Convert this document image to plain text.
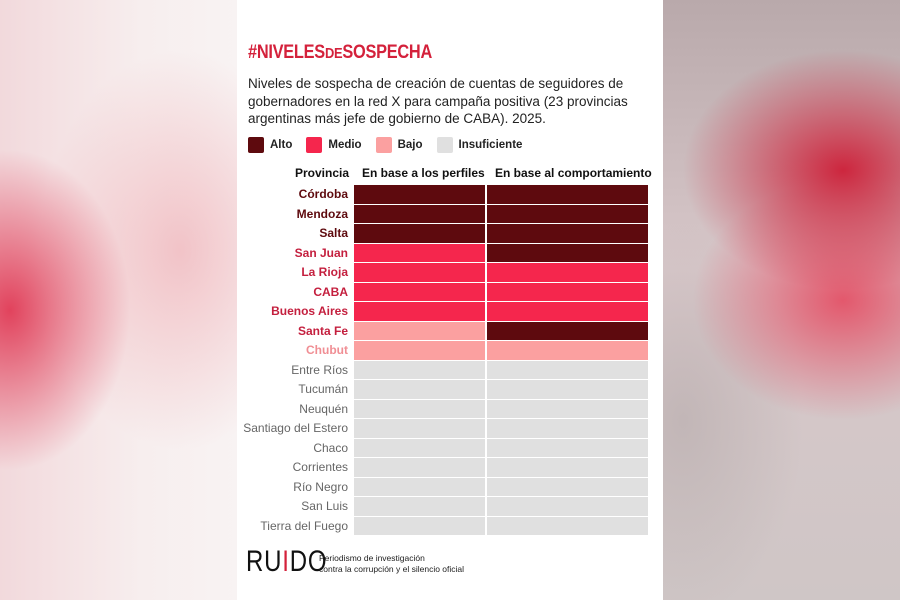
#NIVELESDESOSPECHA
Niveles de sospecha de creación de cuentas de seguidores de gobernadores en la red X para campaña positiva (23 provincias argentinas más jefe de gobierno de CABA). 2025.
Alto	Medio	Bajo	Insuficiente
Provincia En base a los perfiles En base al comportamiento
Córdoba
Mendoza
Salta
San Juan
La Rioja
CABA
Buenos Aires
Santa Fe
Chubut
Entre Ríos
Tucumán
Neuquén
Santiago del Estero
Chaco
Corrientes
Río Negro
San Luis
Tierra del Fuego
RUIDO
Periodismo de investigación
contra la corrupción y el silencio oficial
